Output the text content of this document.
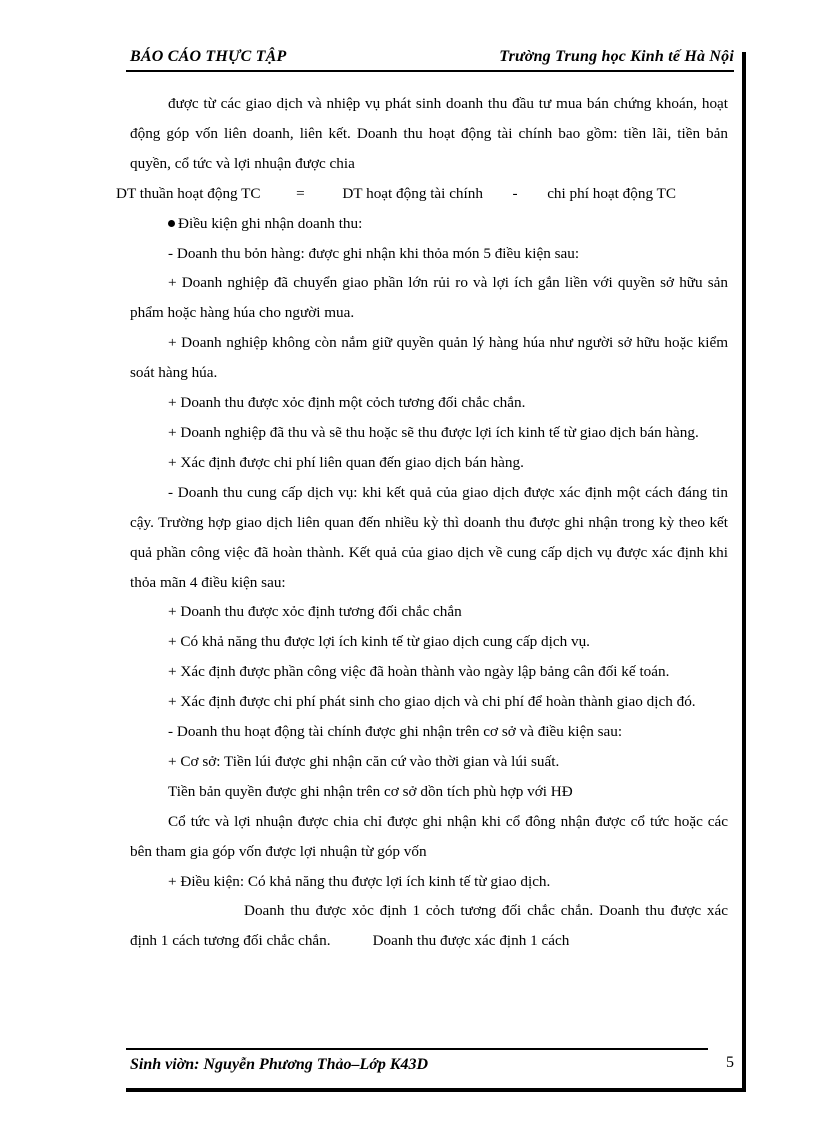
BÁO CÁO THỰC TẬP	Trường Trung học Kinh tế Hà Nội

được từ các giao dịch và nhiệp vụ phát sinh doanh thu đầu tư mua bán chứng khoán, hoạt động góp vốn liên doanh, liên kết. Doanh thu hoạt động tài chính bao gồm: tiền lãi, tiền bản quyền, cổ tức và lợi nhuận được chia

DT thuần hoạt động TC = DT hoạt động tài chính - chi phí hoạt động TC

Điều kiện ghi nhận doanh thu:

- Doanh thu bỏn hàng: được ghi nhận khi thỏa món 5 điều kiện sau:

+ Doanh nghiệp đã chuyển giao phần lớn rủi ro và lợi ích gắn liền với quyền sở hữu sản phẩm hoặc hàng húa cho người mua.

+ Doanh nghiệp không còn nắm giữ quyền quản lý hàng húa như người sở hữu hoặc kiểm soát hàng húa.

+ Doanh thu được xỏc định một cỏch tương đối chắc chắn.

+ Doanh nghiệp đã thu và sẽ thu hoặc sẽ thu được lợi ích kinh tế từ giao dịch bán hàng.

+ Xác định được chi phí liên quan đến giao dịch bán hàng.

- Doanh thu cung cấp dịch vụ: khi kết quả của giao dịch được xác định một cách đáng tin cậy. Trường hợp giao dịch liên quan đến nhiều kỳ thì doanh thu được ghi nhận trong kỳ theo kết quả phần công việc đã hoàn thành. Kết quả của giao dịch về cung cấp dịch vụ được xác định khi thỏa mãn 4 điều kiện sau:

+ Doanh thu được xỏc định tương đối chắc chắn

+ Có khả năng thu được lợi ích kinh tế từ giao dịch cung cấp dịch vụ.

+ Xác định được phần công việc đã hoàn thành vào ngày lập bảng cân đối kế toán.

+ Xác định được chi phí phát sinh cho giao dịch và chi phí để hoàn thành giao dịch đó.

- Doanh thu hoạt động tài chính được ghi nhận trên cơ sở và điều kiện sau:

+ Cơ sở: Tiền lúi được ghi nhận căn cứ vào thời gian và lúi suất.

Tiền bản quyền được ghi nhận trên cơ sở dồn tích phù hợp với HĐ

Cổ tức và lợi nhuận được chia chỉ được ghi nhận khi cổ đông nhận được cổ tức hoặc các bên tham gia góp vốn được lợi nhuận từ góp vốn

+ Điều kiện: Có khả năng thu được lợi ích kinh tế từ giao dịch.

Doanh thu được xỏc định 1 cỏch tương đối chắc chắn. Doanh thu được xác định 1 cách tương đối chắc chắn.	Doanh thu được xác định 1 cách

Sinh viờn: Nguyễn Phương Thảo–Lớp K43D	5
